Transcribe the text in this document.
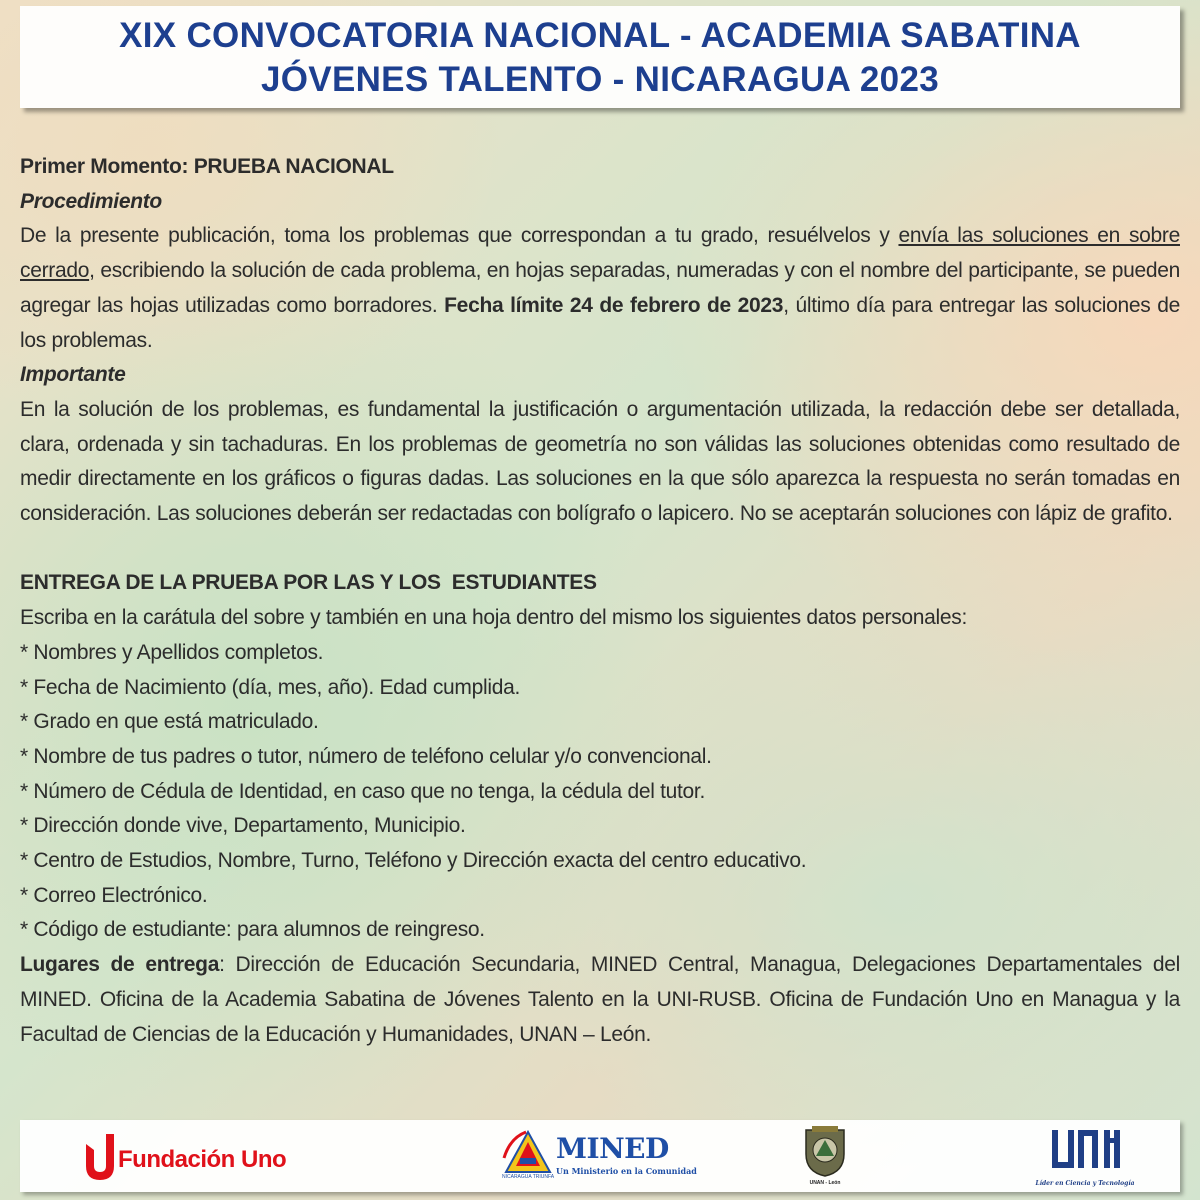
XIX CONVOCATORIA NACIONAL - ACADEMIA SABATINA
JÓVENES TALENTO - NICARAGUA 2023

Primer Momento: PRUEBA NACIONAL

Procedimiento

De la presente publicación, toma los problemas que correspondan a tu grado, resuélvelos y envía las soluciones en sobre cerrado, escribiendo la solución de cada problema, en hojas separadas, numeradas y con el nombre del participante, se pueden agregar las hojas utilizadas como borradores. Fecha límite 24 de febrero de 2023, último día para entregar las soluciones de los problemas.

Importante

En la solución de los problemas, es fundamental la justificación o argumentación utilizada, la redacción debe ser detallada, clara, ordenada y sin tachaduras. En los problemas de geometría no son válidas las soluciones obtenidas como resultado de medir directamente en los gráficos o figuras dadas. Las soluciones en la que sólo aparezca la respuesta no serán tomadas en consideración. Las soluciones deberán ser redactadas con bolígrafo o lapicero. No se aceptarán soluciones con lápiz de grafito.

ENTREGA DE LA PRUEBA POR LAS Y LOS  ESTUDIANTES

Escriba en la carátula del sobre y también en una hoja dentro del mismo los siguientes datos personales:

* Nombres y Apellidos completos.

* Fecha de Nacimiento (día, mes, año). Edad cumplida.

* Grado en que está matriculado.

* Nombre de tus padres o tutor, número de teléfono celular y/o convencional.

* Número de Cédula de Identidad, en caso que no tenga, la cédula del tutor.

* Dirección donde vive, Departamento, Municipio.

* Centro de Estudios, Nombre, Turno, Teléfono y Dirección exacta del centro educativo.

* Correo Electrónico.

* Código de estudiante: para alumnos de reingreso.

Lugares de entrega: Dirección de Educación Secundaria, MINED Central, Managua, Delegaciones Departamentales del MINED. Oficina de la Academia Sabatina de Jóvenes Talento en la UNI-RUSB. Oficina de Fundación Uno en Managua y la Facultad de Ciencias de la Educación y Humanidades, UNAN – León.

Fundación Uno
NICARAGUA TRIUNFA
MINED
Un Ministerio en la Comunidad
UNAN - León	Líder en Ciencia y Tecnología
